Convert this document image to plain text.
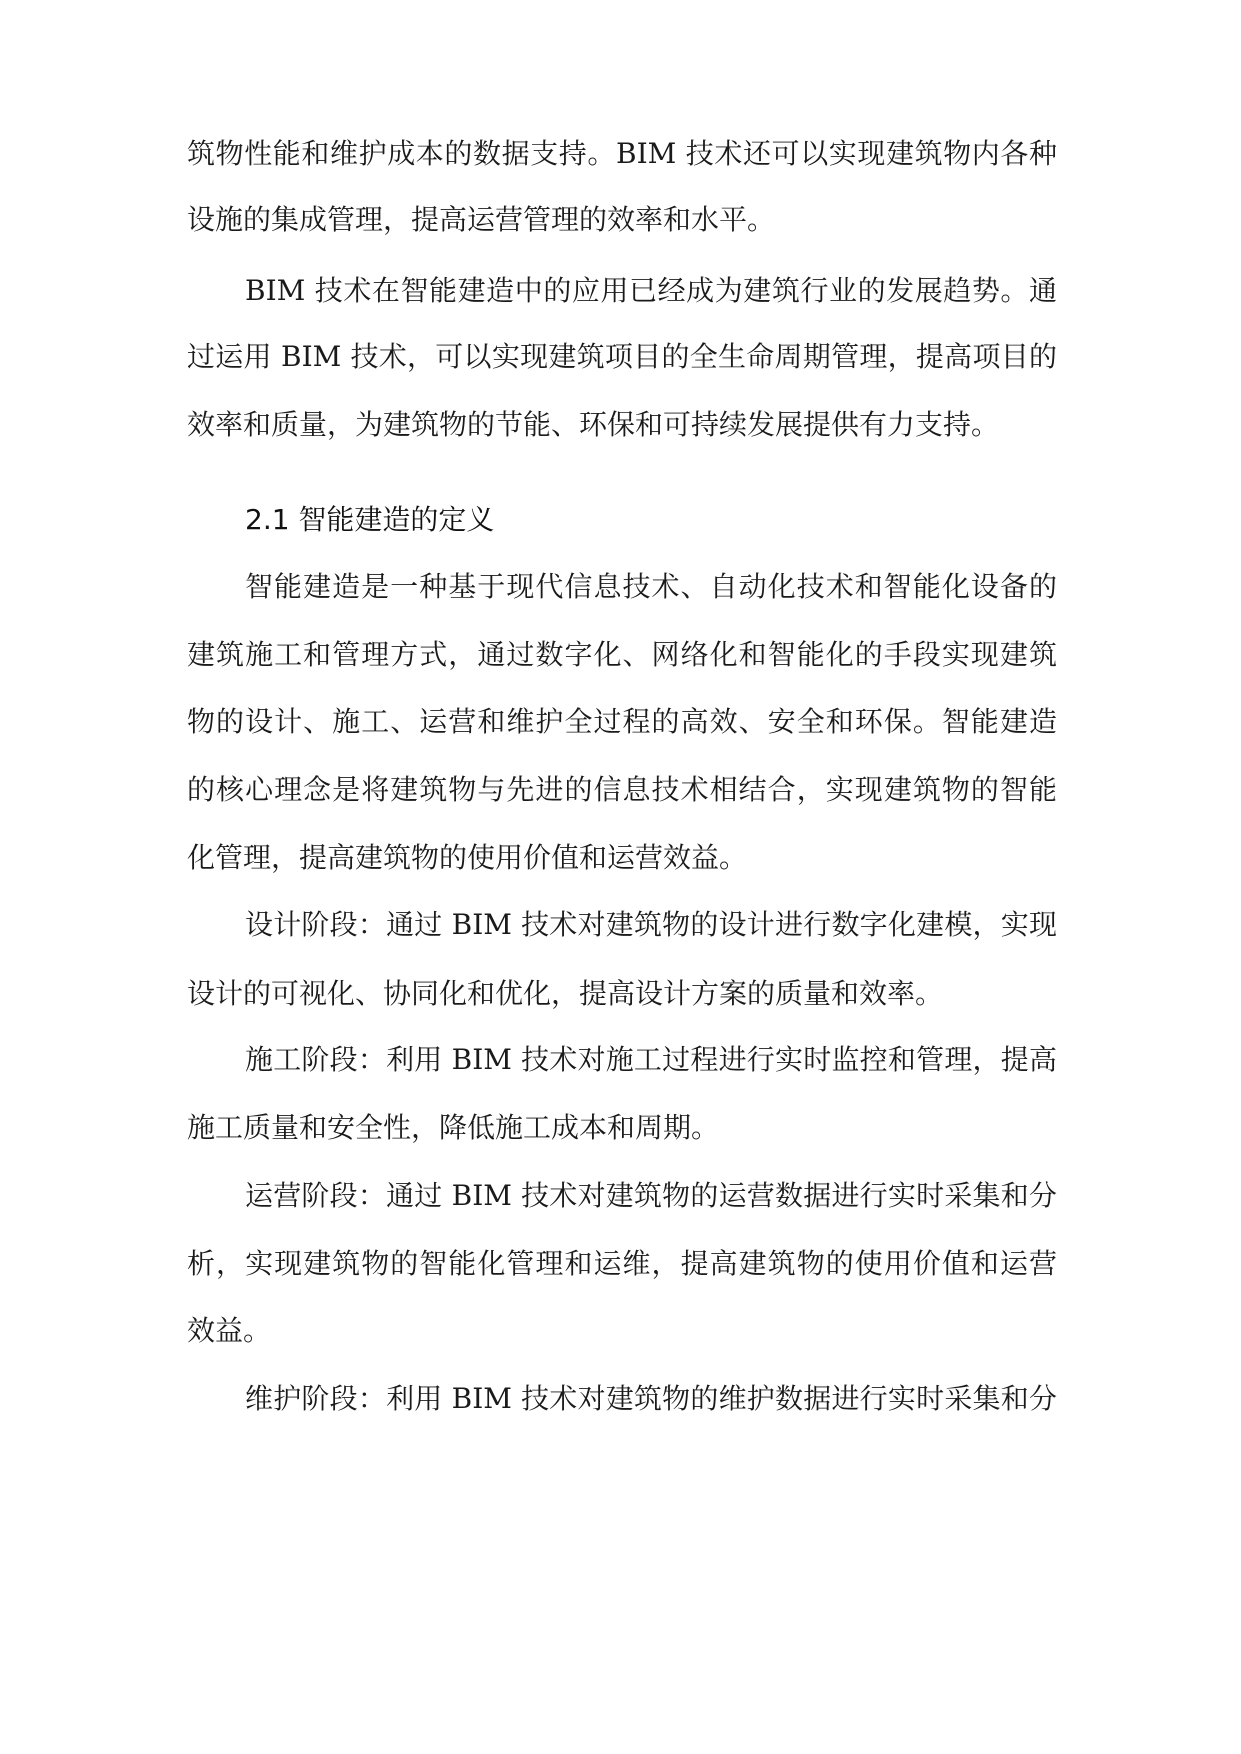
筑物性能和维护成本的数据支持。BIM 技术还可以实现建筑物内各种
设施的集成管理，提高运营管理的效率和水平。
BIM 技术在智能建造中的应用已经成为建筑行业的发展趋势。通
过运用 BIM 技术，可以实现建筑项目的全生命周期管理，提高项目的
效率和质量，为建筑物的节能、环保和可持续发展提供有力支持。
2.1 智能建造的定义
智能建造是一种基于现代信息技术、自动化技术和智能化设备的
建筑施工和管理方式，通过数字化、网络化和智能化的手段实现建筑
物的设计、施工、运营和维护全过程的高效、安全和环保。智能建造
的核心理念是将建筑物与先进的信息技术相结合，实现建筑物的智能
化管理，提高建筑物的使用价值和运营效益。
设计阶段：通过 BIM 技术对建筑物的设计进行数字化建模，实现
设计的可视化、协同化和优化，提高设计方案的质量和效率。
施工阶段：利用 BIM 技术对施工过程进行实时监控和管理，提高
施工质量和安全性，降低施工成本和周期。
运营阶段：通过 BIM 技术对建筑物的运营数据进行实时采集和分
析，实现建筑物的智能化管理和运维，提高建筑物的使用价值和运营
效益。
维护阶段：利用 BIM 技术对建筑物的维护数据进行实时采集和分
